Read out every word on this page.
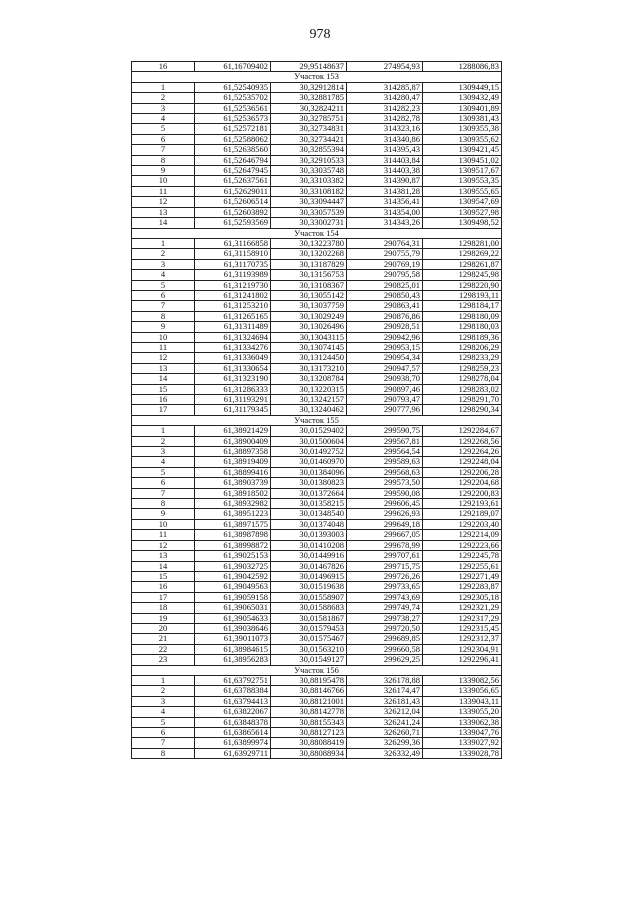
978
16	61,16709402	29,95148637	274954,93	1288086,83
Участок 153				
1	61,52540935	30,32912814	314285,87	1309449,15
2	61,52535702	30,32881785	314280,47	1309432,49
3	61,52536561	30,32824211	314282,23	1309401,89
4	61,52536573	30,32785751	314282,78	1309381,43
5	61,52572181	30,32734831	314323,16	1309355,38
6	61,52588062	30,32734421	314340,86	1309355,62
7	61,52638560	30,32855394	314395,43	1309421,45
8	61,52646794	30,32910533	314403,84	1309451,02
9	61,52647945	30,33035748	314403,38	1309517,67
10	61,52637561	30,33103382	314390,87	1309553,35
11	61,52629011	30,33108182	314381,28	1309555,65
12	61,52606514	30,33094447	314356,41	1309547,69
13	61,52603892	30,33057539	314354,00	1309527,98
14	61,52593569	30,33002731	314343,26	1309498,52
Участок 154				
1	61,31166858	30,13223780	290764,31	1298281,00
2	61,31158910	30,13202268	290755,79	1298269,22
3	61,31170735	30,13187829	290769,19	1298261,87
4	61,31193989	30,13156753	290795,58	1298245,98
5	61,31219730	30,13108367	290825,01	1298220,90
6	61,31241802	30,13055142	290850,43	1298193,11
7	61,31253210	30,13037759	290863,41	1298184,17
8	61,31265165	30,13029249	290876,86	1298180,09
9	61,31311489	30,13026496	290928,51	1298180,03
10	61,31324694	30,13043115	290942,96	1298189,36
11	61,31334276	30,13074145	290953,15	1298206,29
12	61,31336049	30,13124450	290954,34	1298233,29
13	61,31330654	30,13173210	290947,57	1298259,23
14	61,31323190	30,13208784	290938,70	1298278,04
15	61,31286333	30,13220315	290897,46	1298283,02
16	61,31193291	30,13242157	290793,47	1298291,70
17	61,31179345	30,13240462	290777,96	1298290,34
Участок 155				
1	61,38921429	30,01529402	299590,75	1292284,67
2	61,38900409	30,01500604	299567,81	1292268,56
3	61,38897358	30,01492752	299564,54	1292264,26
4	61,38919409	30,01460970	299589,63	1292248,04
5	61,38899416	30,01384096	299568,63	1292206,28
6	61,38903739	30,01380823	299573,50	1292204,68
7	61,38918502	30,01372664	299590,08	1292200,83
8	61,38932982	30,01358215	299606,45	1292193,61
9	61,38951223	30,01348540	299626,93	1292189,07
10	61,38971575	30,01374048	299649,18	1292203,40
11	61,38987898	30,01393003	299667,05	1292214,09
12	61,38998872	30,01410208	299678,99	1292223,66
13	61,39025153	30,01449916	299707,61	1292245,78
14	61,39032725	30,01467826	299715,75	1292255,61
15	61,39042592	30,01496915	299726,26	1292271,49
16	61,39049563	30,01519638	299733,65	1292283,87
17	61,39059158	30,01558907	299743,69	1292305,18
18	61,39065031	30,01588683	299749,74	1292321,29
19	61,39054633	30,01581867	299738,27	1292317,29
20	61,39038646	30,01579453	299720,50	1292315,45
21	61,39011073	30,01575467	299689,85	1292312,37
22	61,38984615	30,01563210	299660,58	1292304,91
23	61,38956283	30,01549127	299629,25	1292296,41
Участок 156				
1	61,63792751	30,88195478	326178,88	1339082,56
2	61,63788384	30,88146766	326174,47	1339056,65
3	61,63794413	30,88121001	326181,43	1339043,11
4	61,63822067	30,88142778	326212,04	1339055,20
5	61,63848378	30,88155343	326241,24	1339062,38
6	61,63865614	30,88127123	326260,71	1339047,76
7	61,63899974	30,88088419	326299,36	1339027,92
8	61,63929711	30,88088934	326332,49	1339028,78
